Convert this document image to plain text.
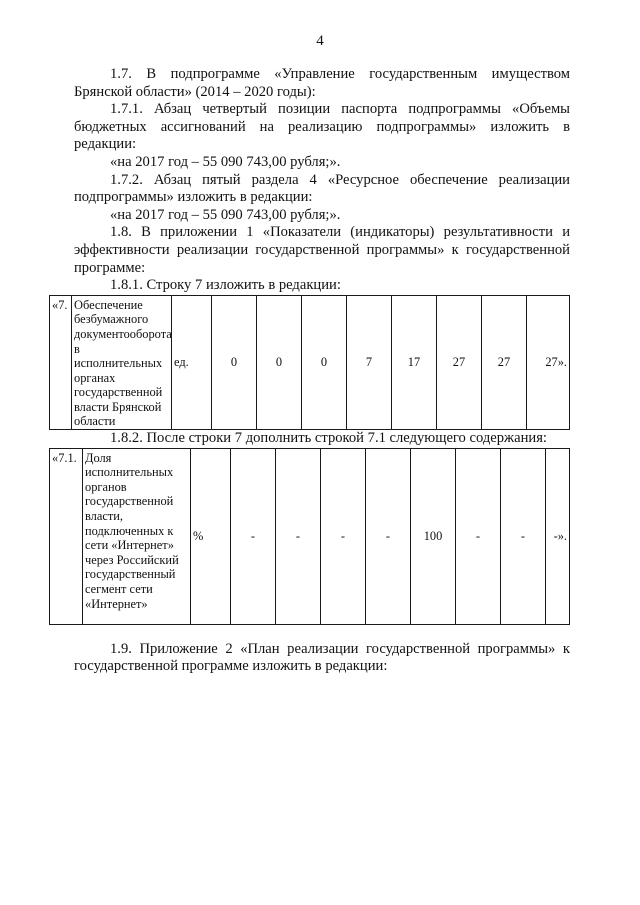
4

1.7. В подпрограмме «Управление государственным имуществом Брянской области» (2014 – 2020 годы):

1.7.1. Абзац четвертый позиции паспорта подпрограммы «Объемы бюджетных ассигнований на реализацию подпрограммы» изложить в редакции:

«на 2017 год – 55 090 743,00 рубля;».

1.7.2. Абзац пятый раздела 4 «Ресурсное обеспечение реализации подпрограммы» изложить в редакции:

«на 2017 год – 55 090 743,00 рубля;».

1.8. В приложении 1 «Показатели (индикаторы) результативности и эффективности реализации государственной программы» к государственной программе:

1.8.1. Строку 7 изложить в редакции:

«7.	Обеспечение безбумажного документооборота в исполнительных органах государственной власти Брянской области	ед.	0	0	0	7	17	27	27	27».

1.8.2. После строки 7 дополнить строкой 7.1 следующего содержания:

«7.1.	Доля исполнительных органов государственной власти, подключенных к сети «Интернет» через Российский государственный сегмент сети «Интернет»	%	-	-	-	-	100	-	-	-».

1.9. Приложение 2 «План реализации государственной программы» к государственной программе изложить в редакции:
